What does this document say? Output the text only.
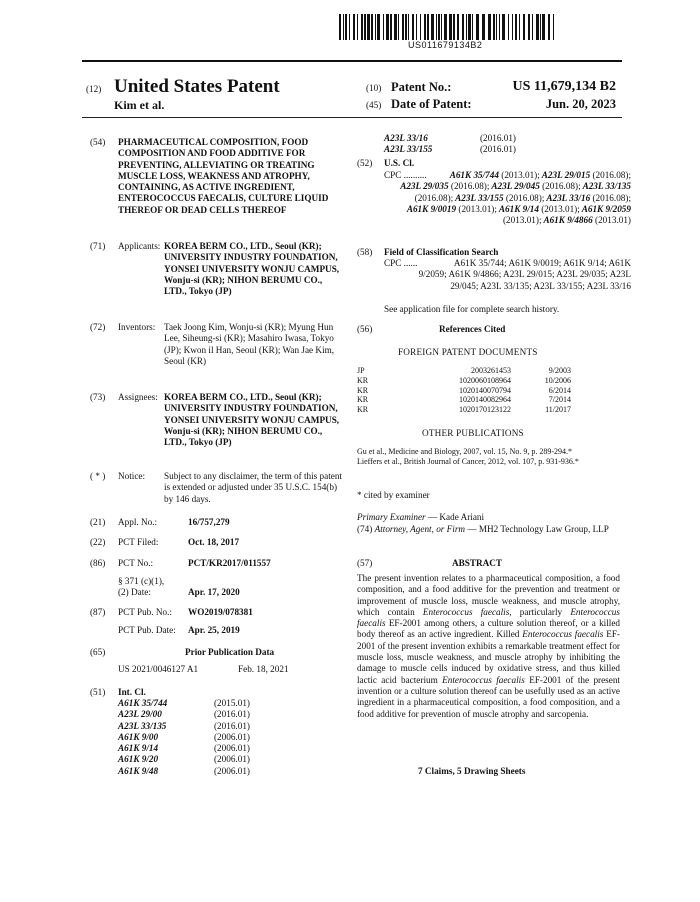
US011679134B2
(12) United States Patent
Kim et al.
(10) Patent No.:	US 11,679,134 B2
(45) Date of Patent:	Jun. 20, 2023
(54) PHARMACEUTICAL COMPOSITION, FOOD COMPOSITION AND FOOD ADDITIVE FOR PREVENTING, ALLEVIATING OR TREATING MUSCLE LOSS, WEAKNESS AND ATROPHY, CONTAINING, AS ACTIVE INGREDIENT, ENTEROCOCCUS FAECALIS, CULTURE LIQUID THEREOF OR DEAD CELLS THEREOF
(71) Applicants: KOREA BERM CO., LTD., Seoul (KR); UNIVERSITY INDUSTRY FOUNDATION, YONSEI UNIVERSITY WONJU CAMPUS, Wonju-si (KR); NIHON BERUMU CO., LTD., Tokyo (JP)
(72) Inventors: Taek Joong Kim, Wonju-si (KR); Myung Hun Lee, Siheung-si (KR); Masahiro Iwasa, Tokyo (JP); Kwon il Han, Seoul (KR); Wan Jae Kim, Seoul (KR)
(73) Assignees: KOREA BERM CO., LTD., Seoul (KR); UNIVERSITY INDUSTRY FOUNDATION, YONSEI UNIVERSITY WONJU CAMPUS, Wonju-si (KR); NIHON BERUMU CO., LTD., Tokyo (JP)
( * ) Notice: Subject to any disclaimer, the term of this patent is extended or adjusted under 35 U.S.C. 154(b) by 146 days.
(21) Appl. No.:	16/757,279
(22) PCT Filed:	Oct. 18, 2017
(86) PCT No.:	PCT/KR2017/011557
§ 371 (c)(1),
(2) Date:	Apr. 17, 2020
(87) PCT Pub. No.: WO2019/078381
PCT Pub. Date: Apr. 25, 2019
(65)	Prior Publication Data
US 2021/0046127 A1	Feb. 18, 2021
(51) Int. Cl.
A61K 35/744	(2015.01)
A23L 29/00	(2016.01)
A23L 33/135	(2016.01)
A61K 9/00	(2006.01)
A61K 9/14	(2006.01)
A61K 9/20	(2006.01)
A61K 9/48	(2006.01)
A23L 33/16	(2016.01)
A23L 33/155	(2016.01)
(52) U.S. Cl.
CPC ..........	A61K 35/744 (2013.01); A23L 29/015 (2016.08); A23L 29/035 (2016.08); A23L 29/045 (2016.08); A23L 33/135 (2016.08); A23L 33/155 (2016.08); A23L 33/16 (2016.08); A61K 9/0019 (2013.01); A61K 9/14 (2013.01); A61K 9/2059 (2013.01); A61K 9/4866 (2013.01)
(58) Field of Classification Search
CPC ......	A61K 35/744; A61K 9/0019; A61K 9/14; A61K 9/2059; A61K 9/4866; A23L 29/015; A23L 29/035; A23L 29/045; A23L 33/135; A23L 33/155; A23L 33/16
See application file for complete search history.
(56)	References Cited
FOREIGN PATENT DOCUMENTS
JP	2003261453	9/2003
KR	1020060108964	10/2006
KR	1020140070794	6/2014
KR	1020140082964	7/2014
KR	1020170123122	11/2017
OTHER PUBLICATIONS
Gu et al., Medicine and Biology, 2007, vol. 15, No. 9, p. 289-294.*
Lieffers et al., British Journal of Cancer, 2012, vol. 107, p. 931-936.*
* cited by examiner
Primary Examiner — Kade Ariani
(74) Attorney, Agent, or Firm — MH2 Technology Law Group, LLP
(57)	ABSTRACT
The present invention relates to a pharmaceutical composition, a food composition, and a food additive for the prevention and treatment or improvement of muscle loss, muscle weakness, and muscle atrophy, which contain Enterococcus faecalis, particularly Enterococcus faecalis EF-2001 among others, a culture solution thereof, or a killed body thereof as an active ingredient. Killed Enterococcus faecalis EF-2001 of the present invention exhibits a remarkable treatment effect for muscle loss, muscle weakness, and muscle atrophy by inhibiting the damage to muscle cells induced by oxidative stress, and thus killed lactic acid bacterium Enterococcus faecalis EF-2001 of the present invention or a culture solution thereof can be usefully used as an active ingredient in a pharmaceutical composition, a food composition, and a food additive for prevention of muscle atrophy and sarcopenia.
7 Claims, 5 Drawing Sheets
